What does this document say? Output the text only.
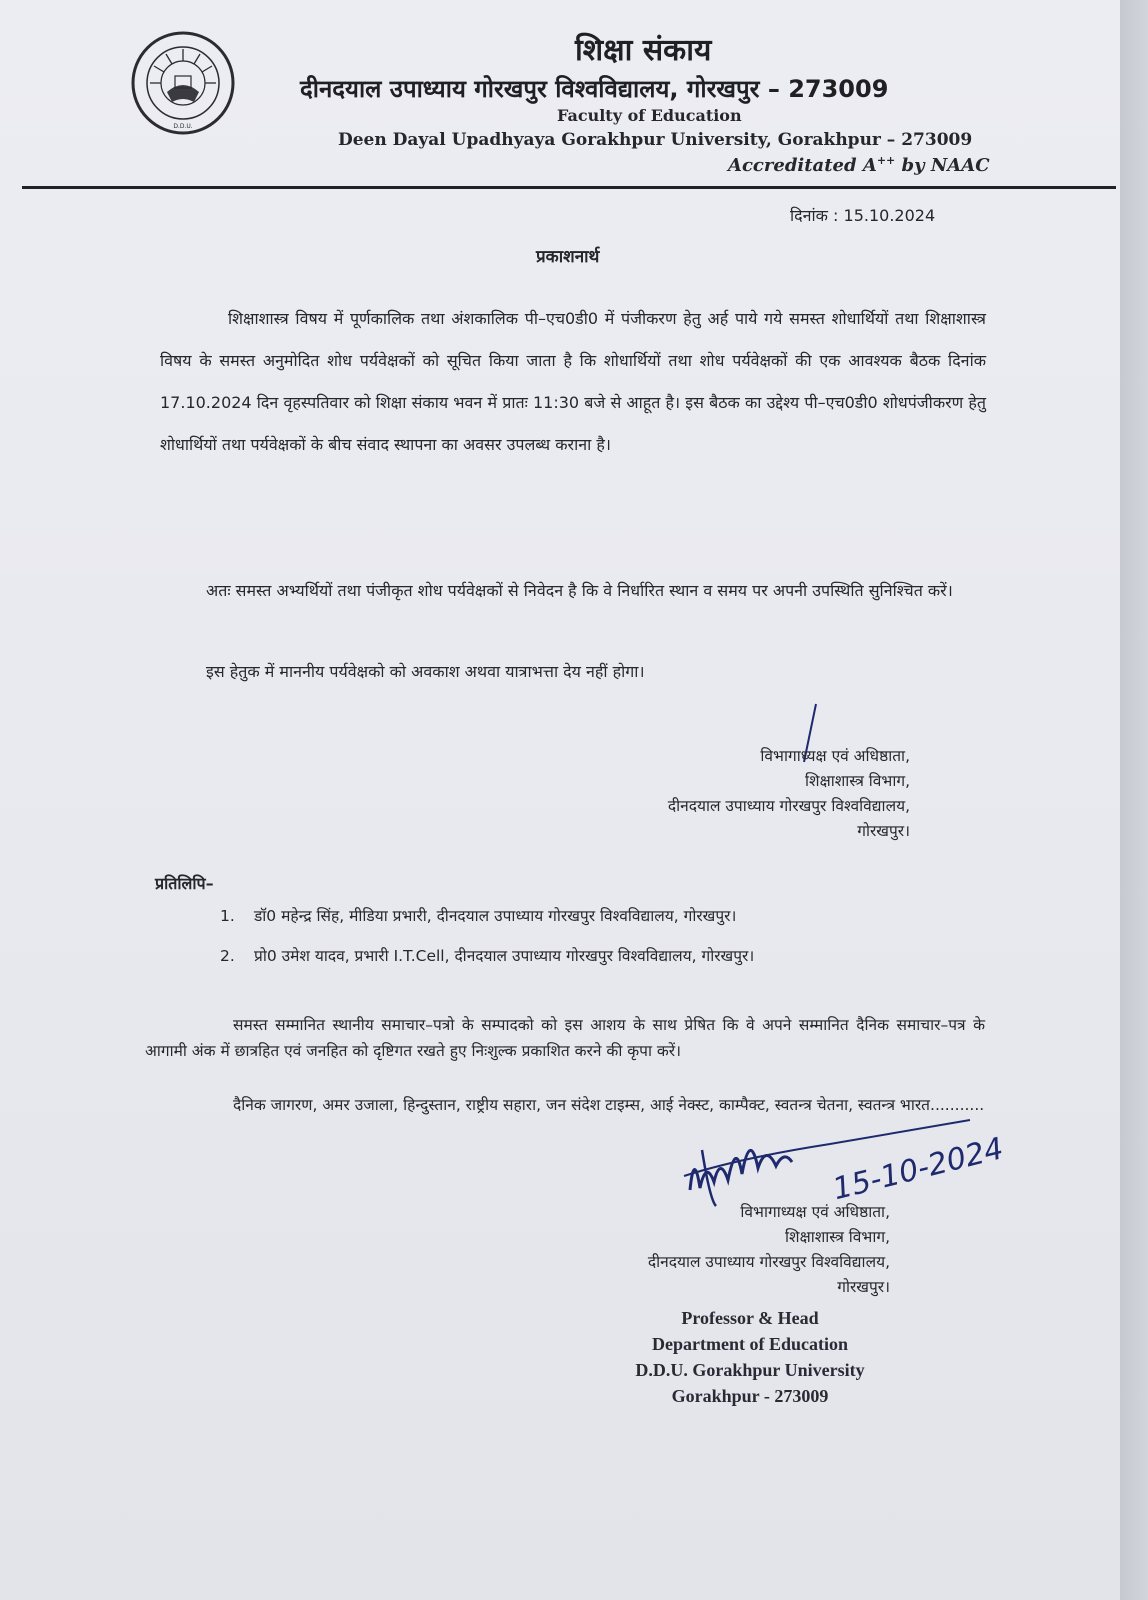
D.D.U.
शिक्षा संकाय
दीनदयाल उपाध्याय गोरखपुर विश्वविद्यालय, गोरखपुर – 273009
Faculty of Education
Deen Dayal Upadhyaya Gorakhpur University, Gorakhpur – 273009
Accreditated A++ by NAAC
दिनांक : 15.10.2024
प्रकाशनार्थ
शिक्षाशास्त्र विषय में पूर्णकालिक तथा अंशकालिक पी–एच0डी0 में पंजीकरण हेतु अर्ह पाये गये समस्त शोधार्थियों तथा शिक्षाशास्त्र विषय के समस्त अनुमोदित शोध पर्यवेक्षकों को सूचित किया जाता है कि शोधार्थियों तथा शोध पर्यवेक्षकों की एक आवश्यक बैठक दिनांक 17.10.2024 दिन वृहस्पतिवार को शिक्षा संकाय भवन में प्रातः 11:30 बजे से आहूत है। इस बैठक का उद्देश्य पी–एच0डी0 शोधपंजीकरण हेतु शोधार्थियों तथा पर्यवेक्षकों के बीच संवाद स्थापना का अवसर उपलब्ध कराना है।
अतः समस्त अभ्यर्थियों तथा पंजीकृत शोध पर्यवेक्षकों से निवेदन है कि वे निर्धारित स्थान व समय पर अपनी उपस्थिति सुनिश्चित करें।
इस हेतुक में माननीय पर्यवेक्षको को अवकाश अथवा यात्राभत्ता देय नहीं होगा।
विभागाध्यक्ष एवं अधिष्ठाता,
शिक्षाशास्त्र विभाग,
दीनदयाल उपाध्याय गोरखपुर विश्वविद्यालय,
गोरखपुर।
प्रतिलिपि–
1. डॉ0 महेन्द्र सिंह, मीडिया प्रभारी, दीनदयाल उपाध्याय गोरखपुर विश्वविद्यालय, गोरखपुर।
2. प्रो0 उमेश यादव, प्रभारी I.T.Cell, दीनदयाल उपाध्याय गोरखपुर विश्वविद्यालय, गोरखपुर।
समस्त सम्मानित स्थानीय समाचार–पत्रो के सम्पादको को इस आशय के साथ प्रेषित कि वे अपने सम्मानित दैनिक समाचार–पत्र के आगामी अंक में छात्रहित एवं जनहित को दृष्टिगत रखते हुए निःशुल्क प्रकाशित करने की कृपा करें।
दैनिक जागरण, अमर उजाला, हिन्दुस्तान, राष्ट्रीय सहारा, जन संदेश टाइम्स, आई नेक्स्ट, काम्पैक्ट, स्वतन्त्र चेतना, स्वतन्त्र भारत...........
15-10-2024
विभागाध्यक्ष एवं अधिष्ठाता,
शिक्षाशास्त्र विभाग,
दीनदयाल उपाध्याय गोरखपुर विश्वविद्यालय,
गोरखपुर।
Professor & Head
Department of Education
D.D.U. Gorakhpur University
Gorakhpur - 273009
